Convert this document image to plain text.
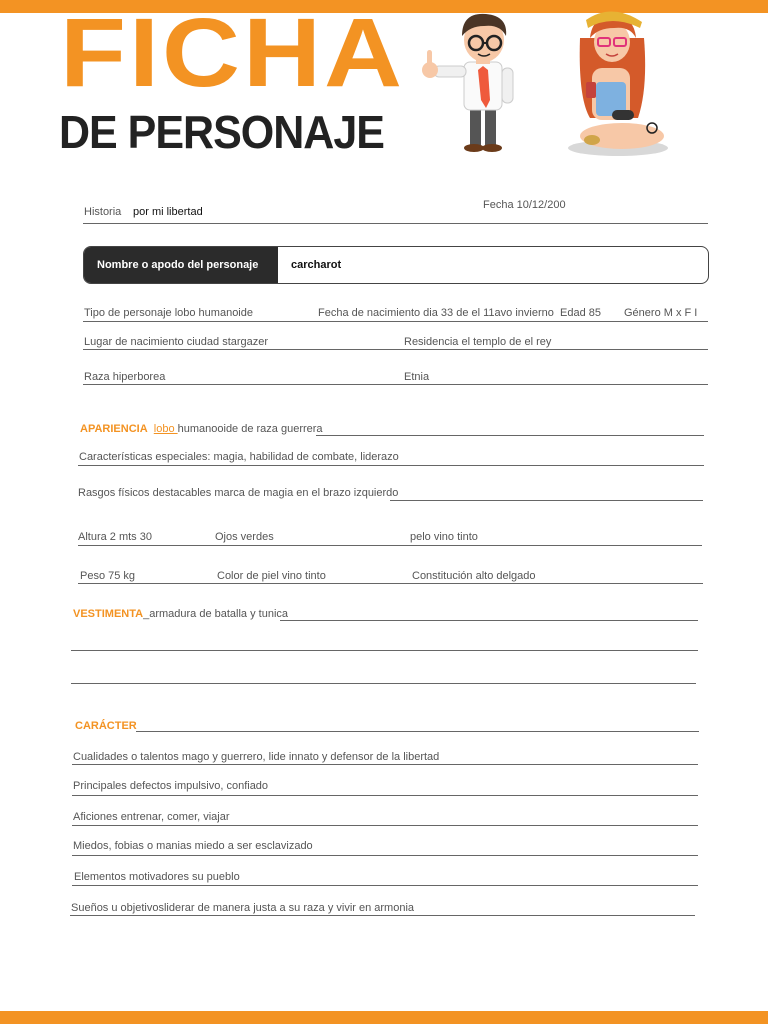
FICHA
DE PERSONAJE
Historia por mi libertad
Fecha 10/12/200
Nombre o apodo del personaje	carcharot
Tipo de personaje lobo humanoide	Fecha de nacimiento dia 33 de el 11avo invierno Edad 85 Género M x F I
Lugar de nacimiento ciudad stargazer	Residencia el templo de el rey
Raza hiperborea	Etnia
APARIENCIA lobo humanooide de raza guerrera
Características especiales: magia, habilidad de combate, liderazo
Rasgos físicos destacables marca de magia en el brazo izquierdo
Altura 2 mts 30	Ojos verdes	pelo vino tinto
Peso 75 kg	Color de piel vino tinto	Constitución alto delgado
VESTIMENTA_armadura de batalla y tunica
CARÁCTER
Cualidades o talentos mago y guerrero, lide innato y defensor de la libertad
Principales defectos impulsivo, confiado
Aficiones entrenar, comer, viajar
Miedos, fobias o manias miedo a ser esclavizado
Elementos motivadores su pueblo
Sueños u objetivosliderar de manera justa a su raza y vivir en armonia
